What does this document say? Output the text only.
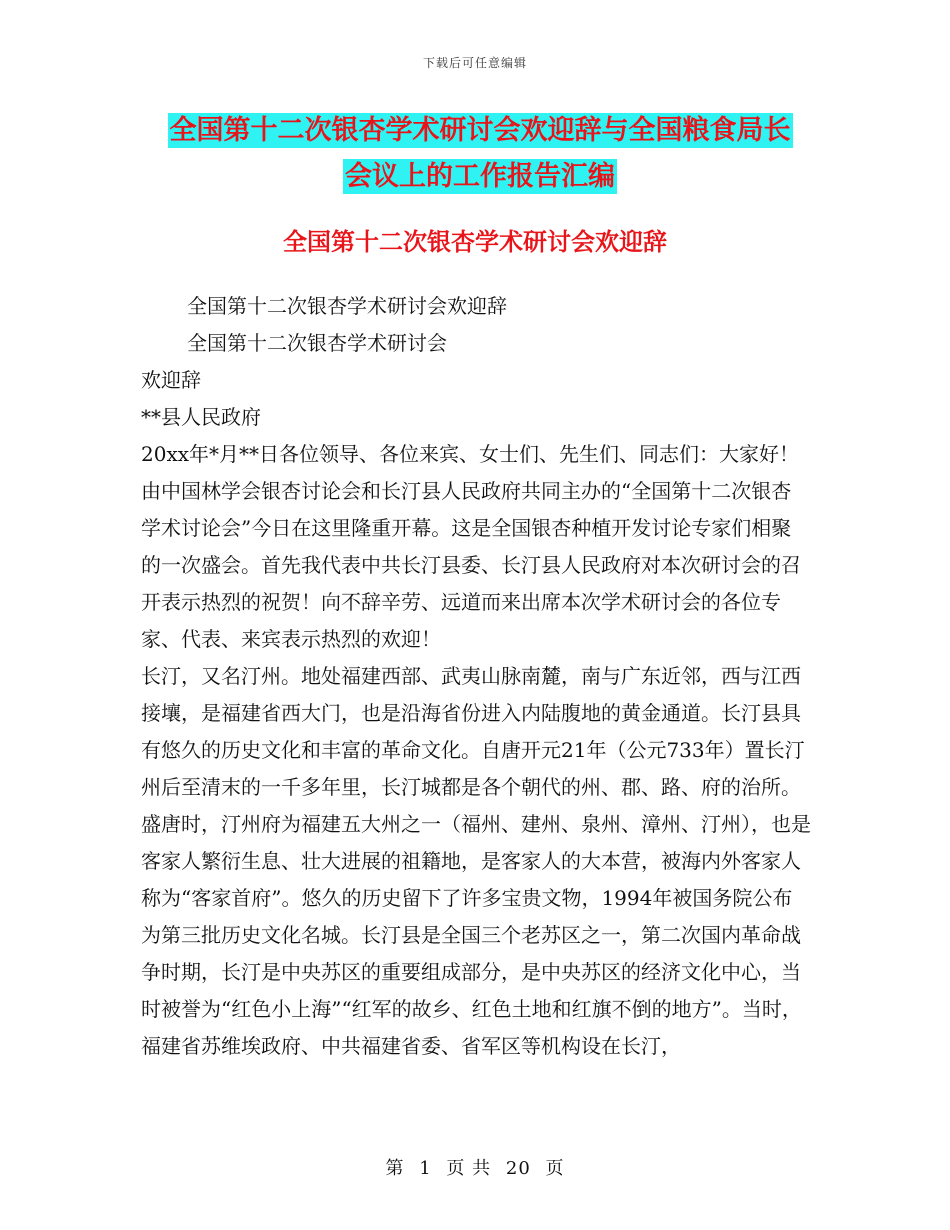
下载后可任意编辑
全国第十二次银杏学术研讨会欢迎辞与全国粮食局长
会议上的工作报告汇编
全国第十二次银杏学术研讨会欢迎辞

全国第十二次银杏学术研讨会欢迎辞

全国第十二次银杏学术研讨会

欢迎辞

**县人民政府

20xx年*月**日各位领导、各位来宾、女士们、先生们、同志们：大家好！由中国林学会银杏讨论会和长汀县人民政府共同主办的“全国第十二次银杏学术讨论会”今日在这里隆重开幕。这是全国银杏种植开发讨论专家们相聚的一次盛会。首先我代表中共长汀县委、长汀县人民政府对本次研讨会的召开表示热烈的祝贺！向不辞辛劳、远道而来出席本次学术研讨会的各位专家、代表、来宾表示热烈的欢迎！

长汀，又名汀州。地处福建西部、武夷山脉南麓，南与广东近邻，西与江西接壤，是福建省西大门，也是沿海省份进入内陆腹地的黄金通道。长汀县具有悠久的历史文化和丰富的革命文化。自唐开元21年（公元733年）置长汀州后至清末的一千多年里，长汀城都是各个朝代的州、郡、路、府的治所。盛唐时，汀州府为福建五大州之一（福州、建州、泉州、漳州、汀州），也是客家人繁衍生息、壮大进展的祖籍地，是客家人的大本营，被海内外客家人称为“客家首府”。悠久的历史留下了许多宝贵文物，1994年被国务院公布为第三批历史文化名城。长汀县是全国三个老苏区之一，第二次国内革命战争时期，长汀是中央苏区的重要组成部分，是中央苏区的经济文化中心，当时被誉为“红色小上海”“红军的故乡、红色土地和红旗不倒的地方”。当时，福建省苏维埃政府、中共福建省委、省军区等机构设在长汀，

第 1 页 共 20 页
